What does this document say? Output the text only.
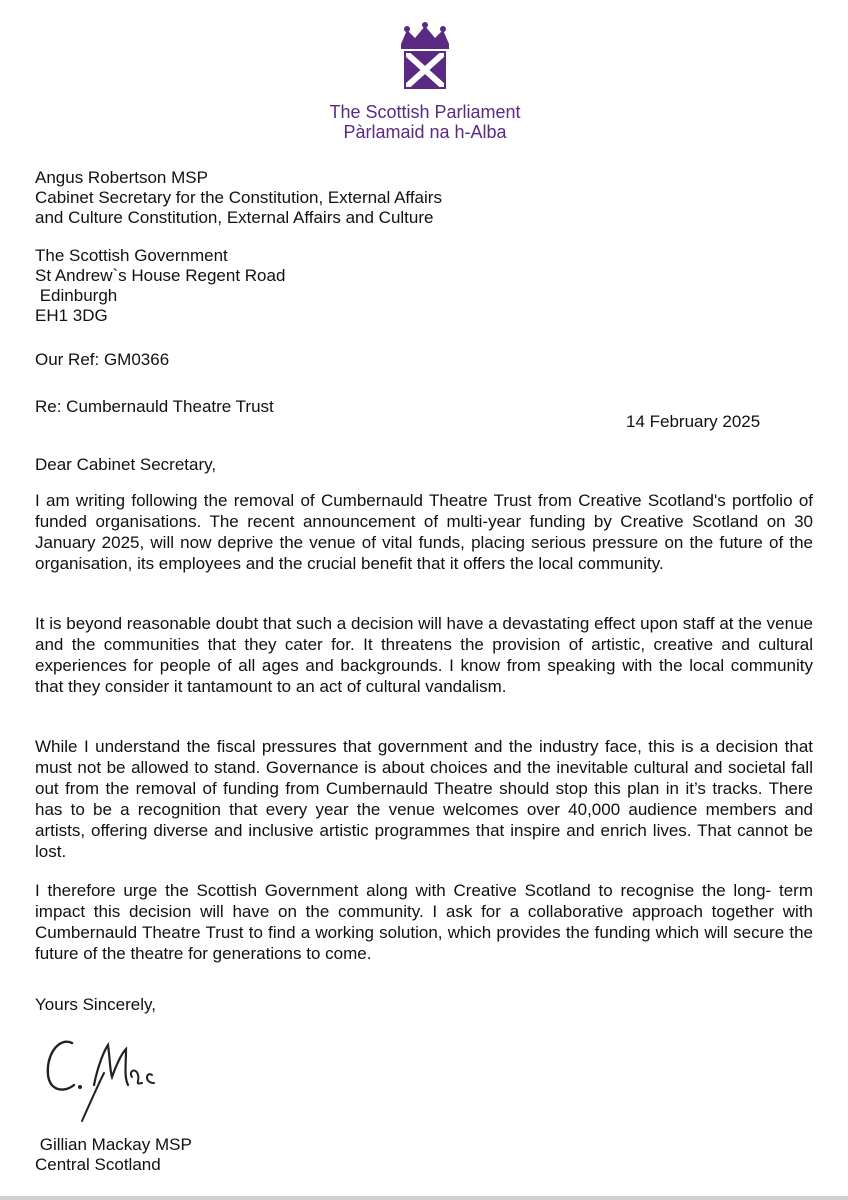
The Scottish Parliament
Pàrlamaid na h-Alba
Angus Robertson MSP
Cabinet Secretary for the Constitution, External Affairs
and Culture Constitution, External Affairs and Culture
The Scottish Government
St Andrew`s House Regent Road
Edinburgh
EH1 3DG
Our Ref: GM0366
Re: Cumbernauld Theatre Trust
14 February 2025
Dear Cabinet Secretary,
I am writing following the removal of Cumbernauld Theatre Trust from Creative Scotland's portfolio of funded organisations. The recent announcement of multi-year funding by Creative Scotland on 30 January 2025, will now deprive the venue of vital funds, placing serious pressure on the future of the organisation, its employees and the crucial benefit that it offers the local community.
It is beyond reasonable doubt that such a decision will have a devastating effect upon staff at the venue and the communities that they cater for. It threatens the provision of artistic, creative and cultural experiences for people of all ages and backgrounds. I know from speaking with the local community that they consider it tantamount to an act of cultural vandalism.
While I understand the fiscal pressures that government and the industry face, this is a decision that must not be allowed to stand. Governance is about choices and the inevitable cultural and societal fall out from the removal of funding from Cumbernauld Theatre should stop this plan in it’s tracks. There has to be a recognition that every year the venue welcomes over 40,000 audience members and artists, offering diverse and inclusive artistic programmes that inspire and enrich lives. That cannot be lost.
I therefore urge the Scottish Government along with Creative Scotland to recognise the long- term impact this decision will have on the community. I ask for a collaborative approach together with Cumbernauld Theatre Trust to find a working solution, which provides the funding which will secure the future of the theatre for generations to come.
Yours Sincerely,
Gillian Mackay MSP
Central Scotland
